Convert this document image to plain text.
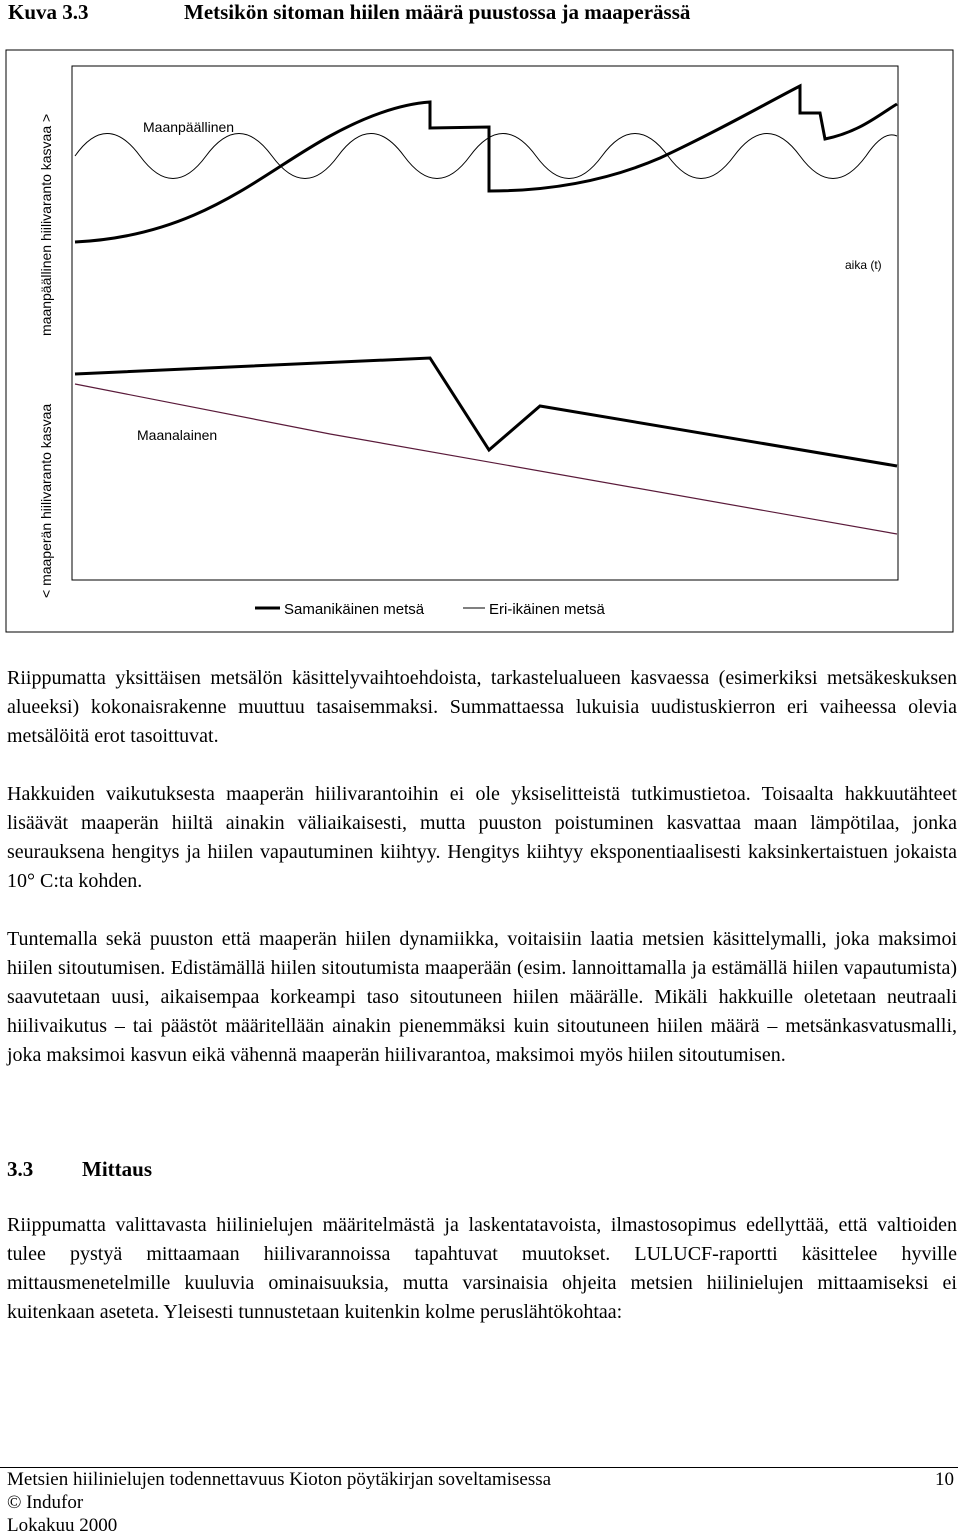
Kuva 3.3	Metsikön sitoman hiilen määrä puustossa ja maaperässä
maanpäällinen hiilivaranto kasvaa >
< maaperän hiilivaranto kasvaa
Maanpäällinen
Maanalainen
aika (t)
Samanikäinen metsä	Eri-ikäinen metsä

Riippumatta yksittäisen metsälön käsittelyvaihtoehdoista, tarkastelualueen kasvaessa (esimerkiksi metsäkeskuksen alueeksi) kokonaisrakenne muuttuu tasaisemmaksi. Summattaessa lukuisia uudistuskierron eri vaiheessa olevia metsälöitä erot tasoittuvat.

Hakkuiden vaikutuksesta maaperän hiilivarantoihin ei ole yksiselitteistä tutkimustietoa. Toisaalta hakkuutähteet lisäävät maaperän hiiltä ainakin väliaikaisesti, mutta puuston poistuminen kasvattaa maan lämpötilaa, jonka seurauksena hengitys ja hiilen vapautuminen kiihtyy. Hengitys kiihtyy eksponentiaalisesti kaksinkertaistuen jokaista 10° C:ta kohden.

Tuntemalla sekä puuston että maaperän hiilen dynamiikka, voitaisiin laatia metsien käsittelymalli, joka maksimoi hiilen sitoutumisen. Edistämällä hiilen sitoutumista maaperään (esim. lannoittamalla ja estämällä hiilen vapautumista) saavutetaan uusi, aikaisempaa korkeampi taso sitoutuneen hiilen määrälle. Mikäli hakkuille oletetaan neutraali hiilivaikutus – tai päästöt määritellään ainakin pienemmäksi kuin sitoutuneen hiilen määrä – metsänkasvatusmalli, joka maksimoi kasvun eikä vähennä maaperän hiilivarantoa, maksimoi myös hiilen sitoutumisen.

3.3 Mittaus

Riippumatta valittavasta hiilinielujen määritelmästä ja laskentatavoista, ilmastosopimus edellyttää, että valtioiden tulee pystyä mittaamaan hiilivarannoissa tapahtuvat muutokset. LULUCF-raportti käsittelee hyville mittausmenetelmille kuuluvia ominaisuuksia, mutta varsinaisia ohjeita metsien hiilinielujen mittaamiseksi ei kuitenkaan aseteta. Yleisesti tunnustetaan kuitenkin kolme peruslähtökohtaa:

Metsien hiilinielujen todennettavuus Kioton pöytäkirjan soveltamisessa	10
© Indufor
Lokakuu 2000
